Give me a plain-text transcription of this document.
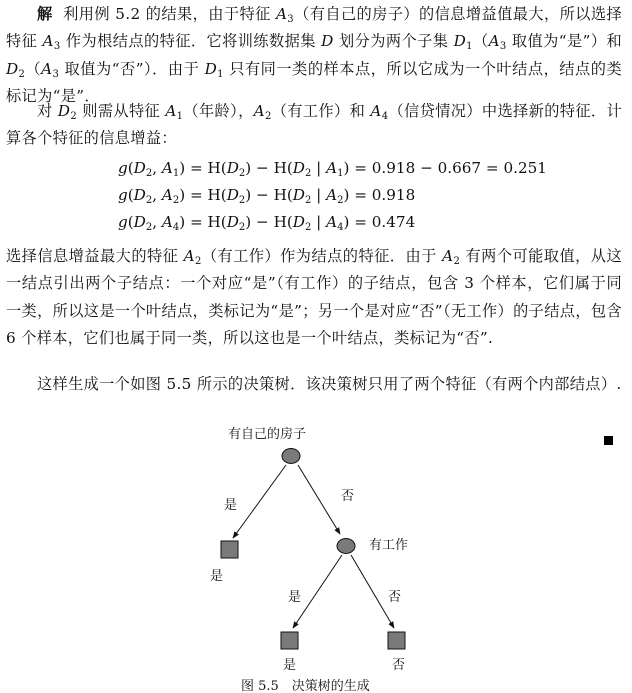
解 利用例 5.2 的结果，由于特征 $A_3$（有自己的房子）的信息增益值最大，所以选择特征 $A_3$ 作为根结点的特征．它将训练数据集 D 划分为两个子集 $D_1(A_3$ 取值为“是”）和 $D_2(A_3$ 取值为“否”）．由于 $D_1$ 只有同一类的样本点，所以它成为一个叶结点，结点的类标记为“是”．
对 $D_2$ 则需从特征 $A_1$（年龄），$A_2$（有工作）和 $A_4$（信贷情况）中选择新的特征．计算各个特征的信息增益：
$g(D_2$, $A_1) = H(D_2) - H(D_2$ | $A_1) = 0.918 - 0.667 = 0.251$
$g(D_2$, $A_2) = H(D_2) - H(D_2$ | $A_2) = 0.918$
$g(D_2$, $A_4) = H(D_2) - H(D_2$ | $A_4) = 0.474$
选择信息增益最大的特征 $A_2$（有工作）作为结点的特征．由于 $A_2$ 有两个可能取值，从这一结点引出两个子结点：一个对应“是”（有工作）的子结点，包含 3 个样本，它们属于同一类，所以这是一个叶结点，类标记为“是”；另一个是对应“否”（无工作）的子结点，包含 6 个样本，它们也属于同一类，所以这也是一个叶结点，类标记为“否”.
这样生成一个如图 5.5 所示的决策树．该决策树只用了两个特征（有两个内部结点）.
有自己的房子
是
否
是
有工作
是	否
是	否
图 5.5　决策树的生成
